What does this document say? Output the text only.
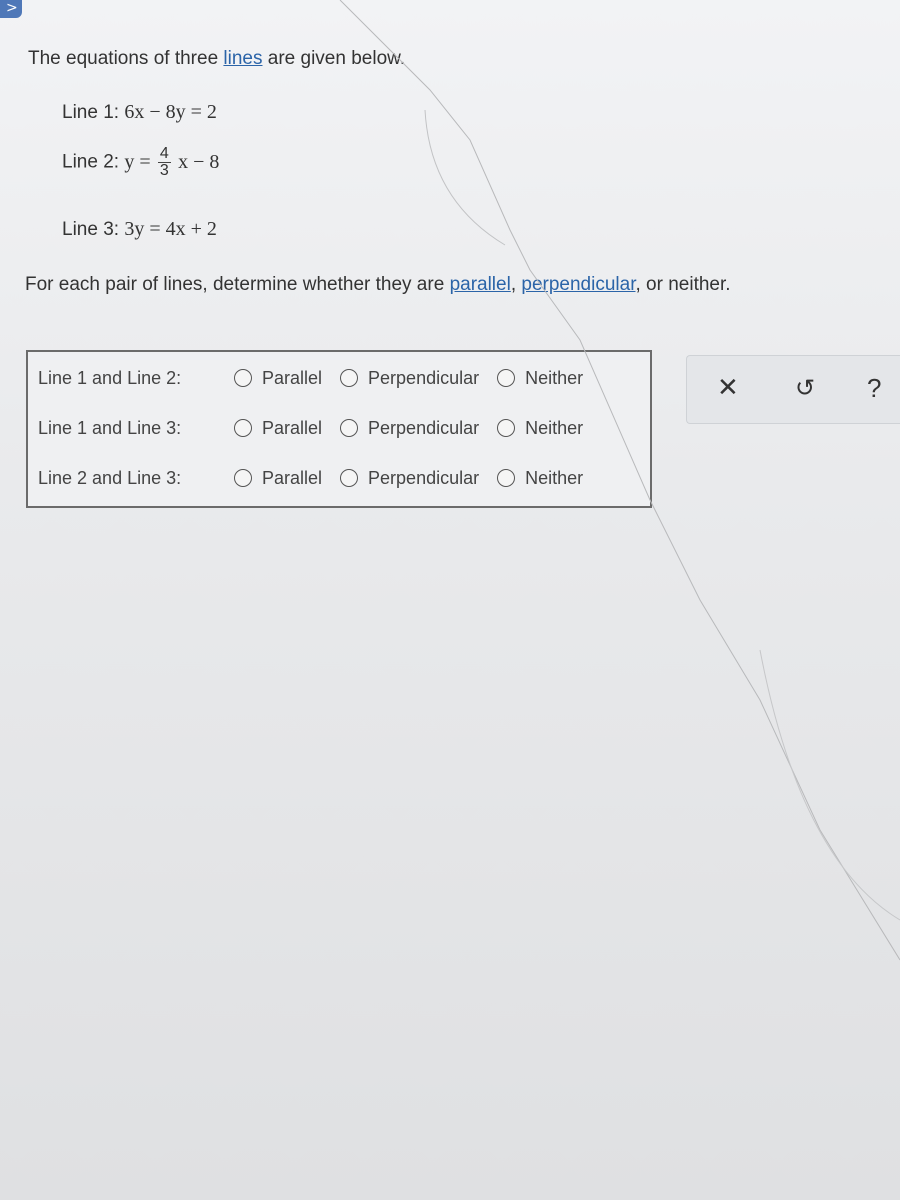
>
The equations of three lines are given below.
Line 1: 6x − 8y = 2
Line 2: $y = \frac{4}{3}$ x − 8
Line 3: 3y = 4x + 2
For each pair of lines, determine whether they are parallel, perpendicular, or neither.
Line 1 and Line 2:	Parallel	Perpendicular	Neither
Line 1 and Line 3:	Parallel	Perpendicular	Neither
Line 2 and Line 3:	Parallel	Perpendicular	Neither
✕ ↺ ?
